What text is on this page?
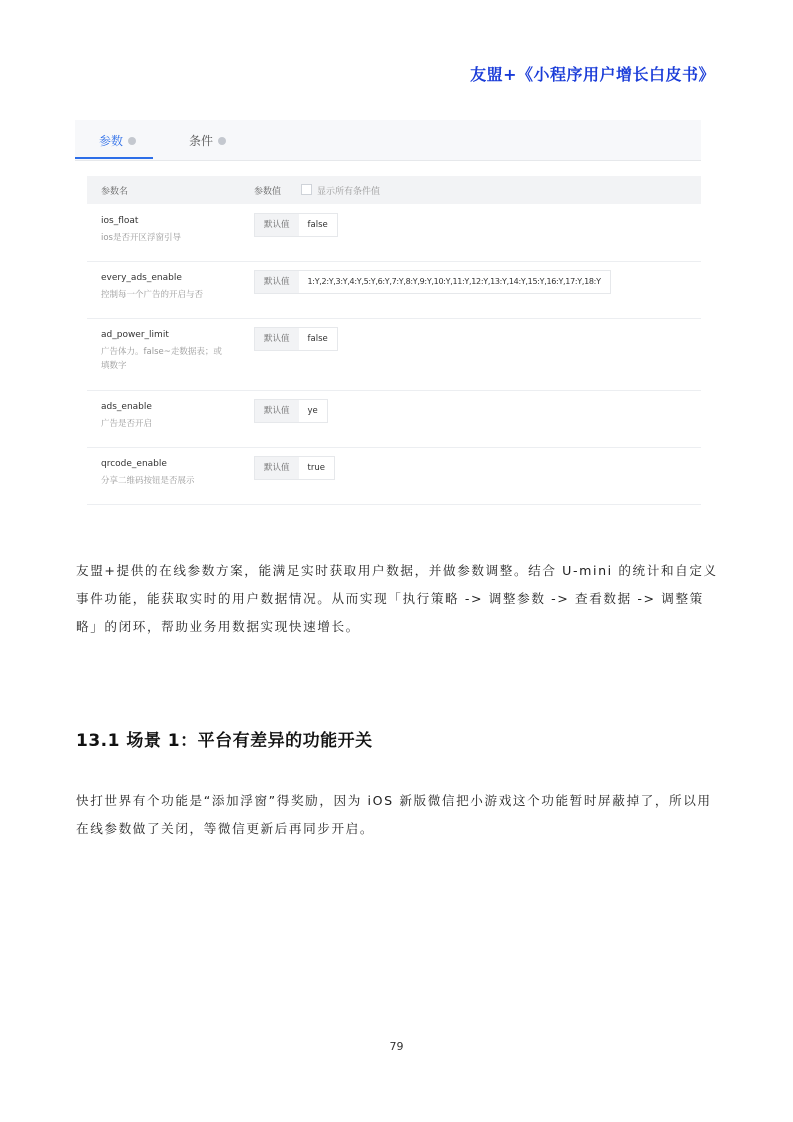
友盟+《小程序用户增长白皮书》
参数	条件
参数名	参数值	显示所有条件值
ios_float
ios是否开区浮窗引导
默认值	false
every_ads_enable
控制每一个广告的开启与否
默认值	1:Y,2:Y,3:Y,4:Y,5:Y,6:Y,7:Y,8:Y,9:Y,10:Y,11:Y,12:Y,13:Y,14:Y,15:Y,16:Y,17:Y,18:Y
ad_power_limit
广告体力。false~走数据表；或填数字
默认值	false
ads_enable
广告是否开启
默认值	ye
qrcode_enable
分享二维码按钮是否展示
默认值	true
友盟+提供的在线参数方案，能满足实时获取用户数据，并做参数调整。结合 U-mini 的统计和自定义事件功能，能获取实时的用户数据情况。从而实现「执行策略 -> 调整参数 -> 查看数据 -> 调整策略」的闭环，帮助业务用数据实现快速增长。
13.1 场景 1：平台有差异的功能开关
快打世界有个功能是“添加浮窗”得奖励，因为 iOS 新版微信把小游戏这个功能暂时屏蔽掉了，所以用在线参数做了关闭，等微信更新后再同步开启。
79
